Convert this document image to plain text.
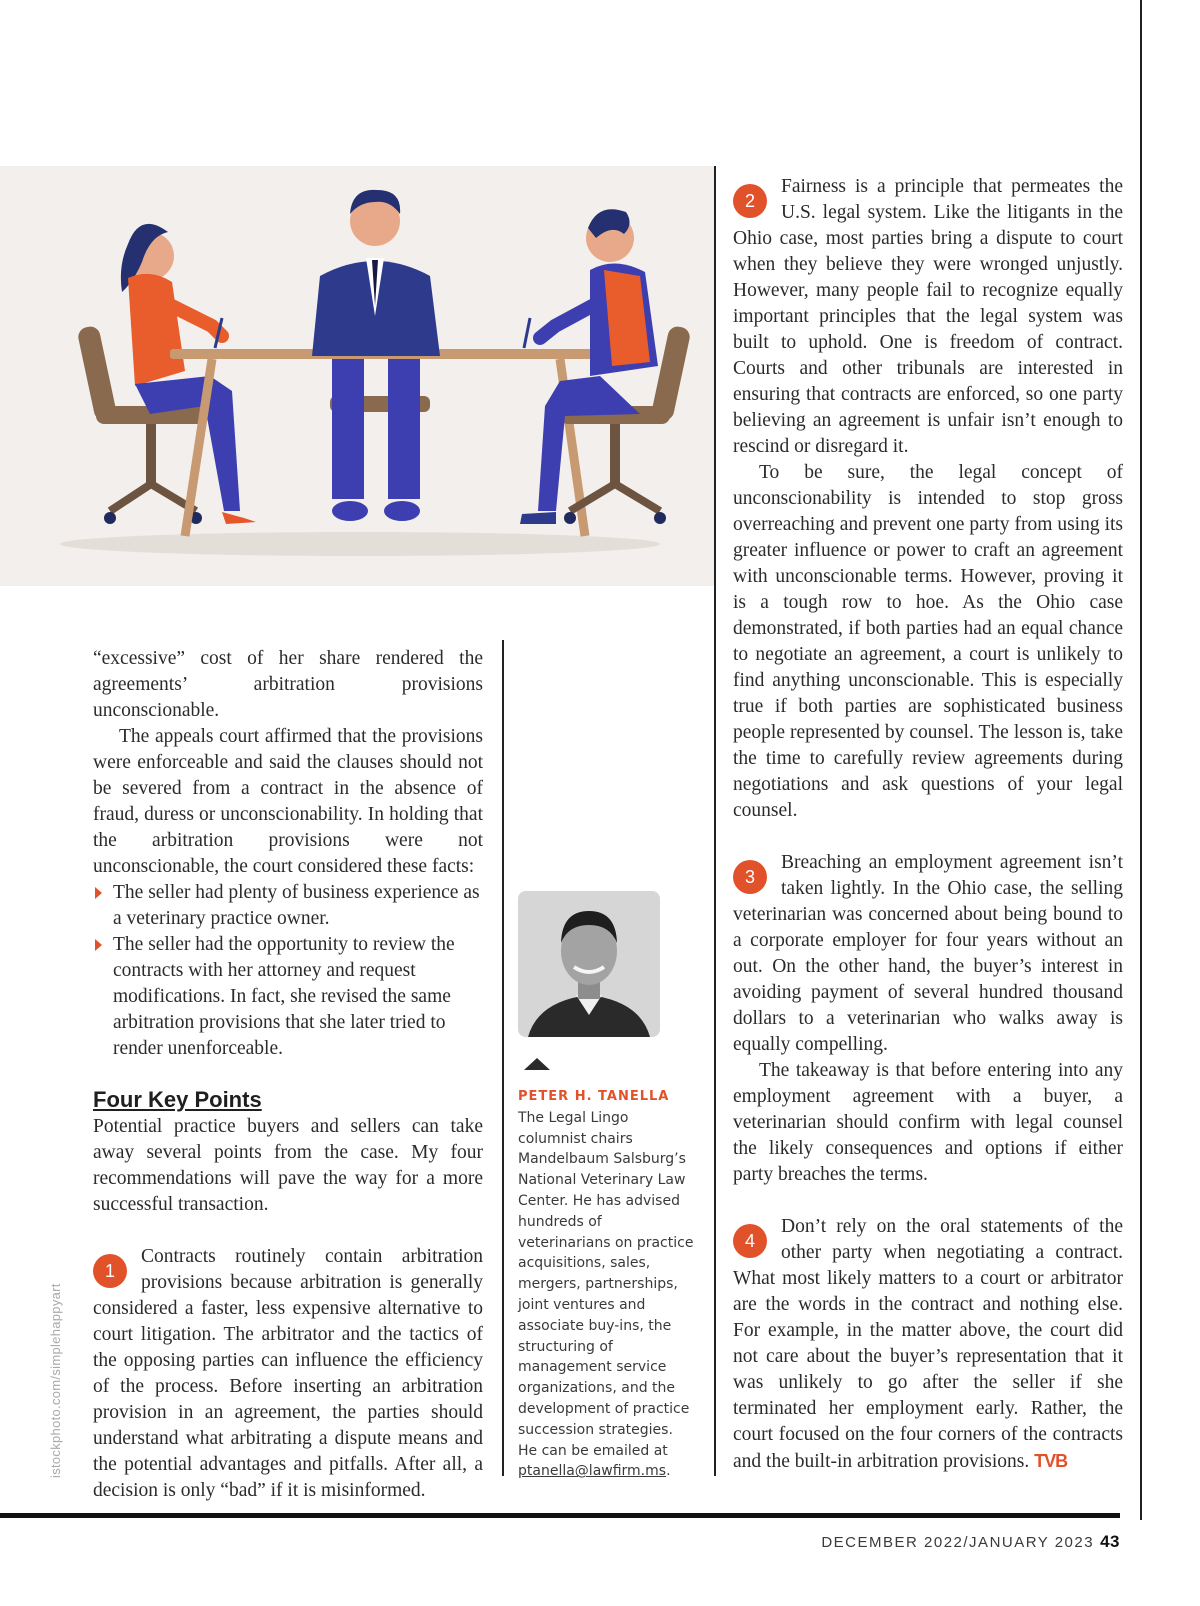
“excessive” cost of her share rendered the agreements’ arbitration provisions unconscionable.

The appeals court affirmed that the provisions were enforceable and said the clauses should not be severed from a contract in the absence of fraud, duress or unconscionability. In holding that the arbitration provisions were not unconscionable, the court considered these facts:

The seller had plenty of business experience as a veterinary practice owner.
The seller had the opportunity to review the contracts with her attorney and request modifications. In fact, she revised the same arbitration provisions that she later tried to render unenforceable.
Four Key Points

Potential practice buyers and sellers can take away several points from the case. My four recommendations will pave the way for a more successful transaction.

1
Contracts routinely contain arbitration provisions because arbitration is generally considered a faster, less expensive alternative to court litigation. The arbitrator and the tactics of the opposing parties can influence the efficiency of the process. Before inserting an arbitration provision in an agreement, the parties should understand what arbitrating a dispute means and the potential advantages and pitfalls. After all, a decision is only “bad” if it is misinformed.

PETER H. TANELLA
The Legal Lingo columnist chairs Mandelbaum Salsburg’s National Veterinary Law Center. He has advised hundreds of veterinarians on practice acquisitions, sales, mergers, partnerships, joint ventures and associate buy-ins, the structuring of management service organizations, and the development of practice succession strategies. He can be emailed at ptanella@lawfirm.ms.

2
Fairness is a principle that permeates the U.S. legal system. Like the litigants in the Ohio case, most parties bring a dispute to court when they believe they were wronged unjustly. However, many people fail to recognize equally important principles that the legal system was built to uphold. One is freedom of contract. Courts and other tribunals are interested in ensuring that contracts are enforced, so one party believing an agreement is unfair isn’t enough to rescind or disregard it.

To be sure, the legal concept of unconscionability is intended to stop gross overreaching and prevent one party from using its greater influence or power to craft an agreement with unconscionable terms. However, proving it is a tough row to hoe. As the Ohio case demonstrated, if both parties had an equal chance to negotiate an agreement, a court is unlikely to find anything unconscionable. This is especially true if both parties are sophisticated business people represented by counsel. The lesson is, take the time to carefully review agreements during negotiations and ask questions of your legal counsel.

3
Breaching an employment agreement isn’t taken lightly. In the Ohio case, the selling veterinarian was concerned about being bound to a corporate employer for four years without an out. On the other hand, the buyer’s interest in avoiding payment of several hundred thousand dollars to a veterinarian who walks away is equally compelling.

The takeaway is that before entering into any employment agreement with a buyer, a veterinarian should confirm with legal counsel the likely consequences and options if either party breaches the terms.

4
Don’t rely on the oral statements of the other party when negotiating a contract. What most likely matters to a court or arbitrator are the words in the contract and nothing else. For example, in the matter above, the court did not care about the buyer’s representation that it was unlikely to go after the seller if she terminated her employment early. Rather, the court focused on the four corners of the contracts and the built-in arbitration provisions. TVB

istockphoto.com/simplehappyart
DECEMBER 2022/JANUARY 2023 43
